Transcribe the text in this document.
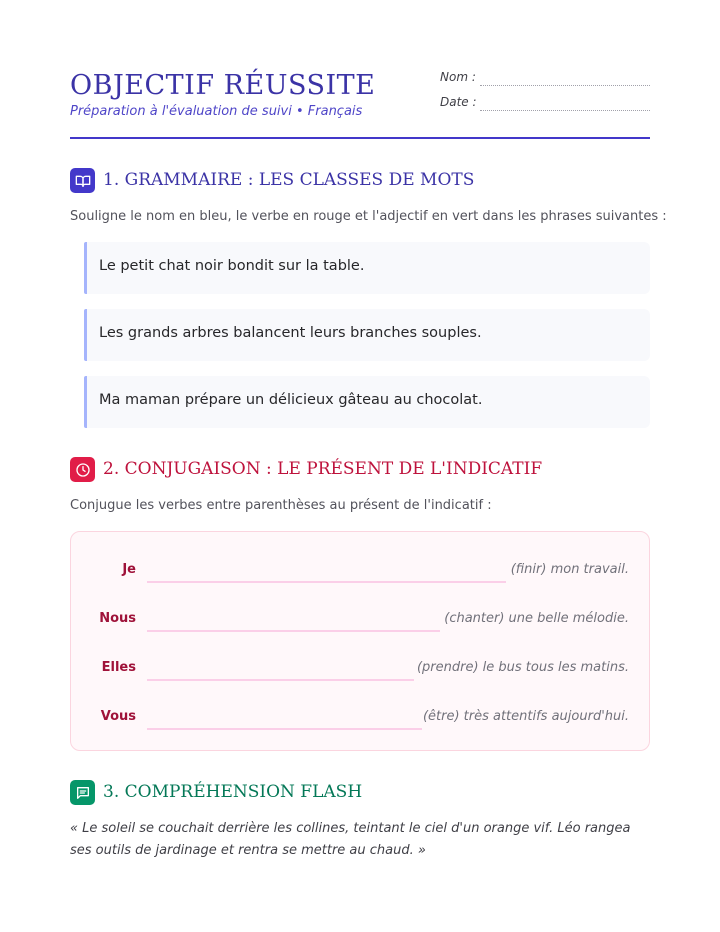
OBJECTIF RÉUSSITE
Préparation à l'évaluation de suivi • Français
Nom :
Date :
1. GRAMMAIRE : LES CLASSES DE MOTS
Souligne le nom en bleu, le verbe en rouge et l'adjectif en vert dans les phrases suivantes :
Le petit chat noir bondit sur la table.
Les grands arbres balancent leurs branches souples.
Ma maman prépare un délicieux gâteau au chocolat.
2. CONJUGAISON : LE PRÉSENT DE L'INDICATIF
Conjugue les verbes entre parenthèses au présent de l'indicatif :
Je	(finir) mon travail.
Nous	(chanter) une belle mélodie.
Elles	(prendre) le bus tous les matins.
Vous	(être) très attentifs aujourd'hui.
3. COMPRÉHENSION FLASH
« Le soleil se couchait derrière les collines, teintant le ciel d'un orange vif. Léo rangea ses outils de jardinage et rentra se mettre au chaud. »
